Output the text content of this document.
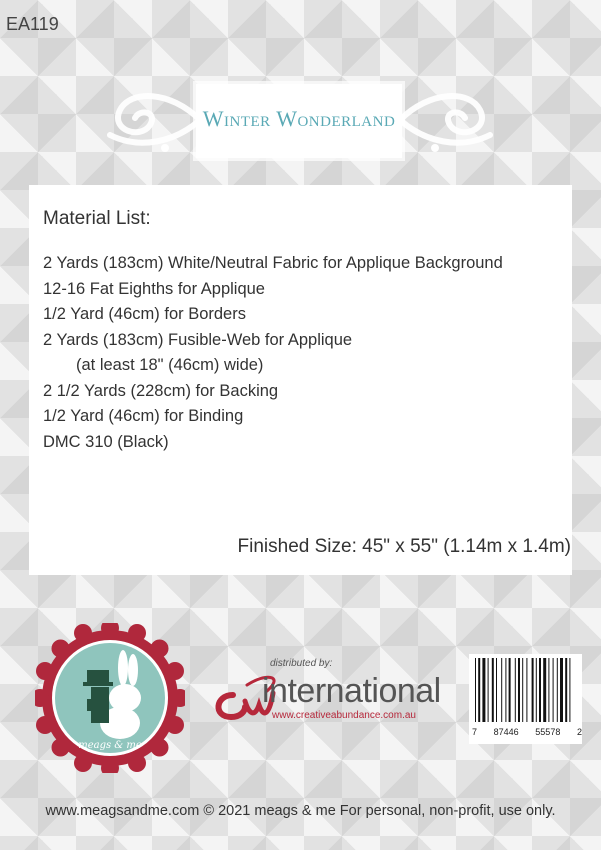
EA119
Winter Wonderland
Material List:
2 Yards (183cm) White/Neutral Fabric for Applique Background
12-16 Fat Eighths for Applique
1/2 Yard (46cm) for Borders
2 Yards (183cm) Fusible-Web for Applique
(at least 18" (46cm) wide)
2 1/2 Yards (228cm) for Backing
1/2 Yard (46cm) for Binding
DMC 310 (Black)
Finished Size: 45" x 55" (1.14m x 1.4m)
meags & me
distributed by:
international
www.creativeabundance.com.au
7 87446 55578 2
www.meagsandme.com © 2021 meags & me For personal, non-profit, use only.
